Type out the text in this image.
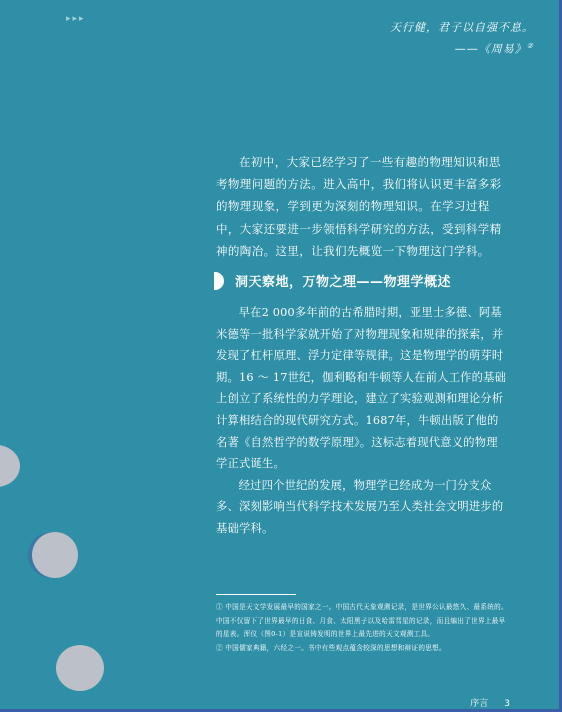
▸▸▸
天行健，君子以自强不息。
——《周易》②

在初中，大家已经学习了一些有趣的物理知识和思考物理问题的方法。进入高中，我们将认识更丰富多彩的物理现象，学到更为深刻的物理知识。在学习过程中，大家还要进一步领悟科学研究的方法，受到科学精神的陶冶。这里，让我们先概览一下物理这门学科。

洞天察地，万物之理——物理学概述

早在2 000多年前的古希腊时期，亚里士多德、阿基米德等一批科学家就开始了对物理现象和规律的探索，并发现了杠杆原理、浮力定律等规律。这是物理学的萌芽时期。16 ～ 17世纪，伽利略和牛顿等人在前人工作的基础上创立了系统性的力学理论，建立了实验观测和理论分析计算相结合的现代研究方式。1687年，牛顿出版了他的名著《自然哲学的数学原理》。这标志着现代意义的物理学正式诞生。

经过四个世纪的发展，物理学已经成为一门分支众多、深刻影响当代科学技术发展乃至人类社会文明进步的基础学科。

① 中国是天文学发展最早的国家之一。中国古代天象观测记录，是世界公认最悠久、最系统的。中国不仅留下了世界最早的日食、月食、太阳黑子以及哈雷彗星的记录，而且编出了世界上最早的星表。浑仪（图0-1）是宣说铸发明的世界上最先进的天文观测工具。

② 中国儒家典籍，六经之一。书中有些观点蕴含较深的思想和辩证的思想。

序言 3
